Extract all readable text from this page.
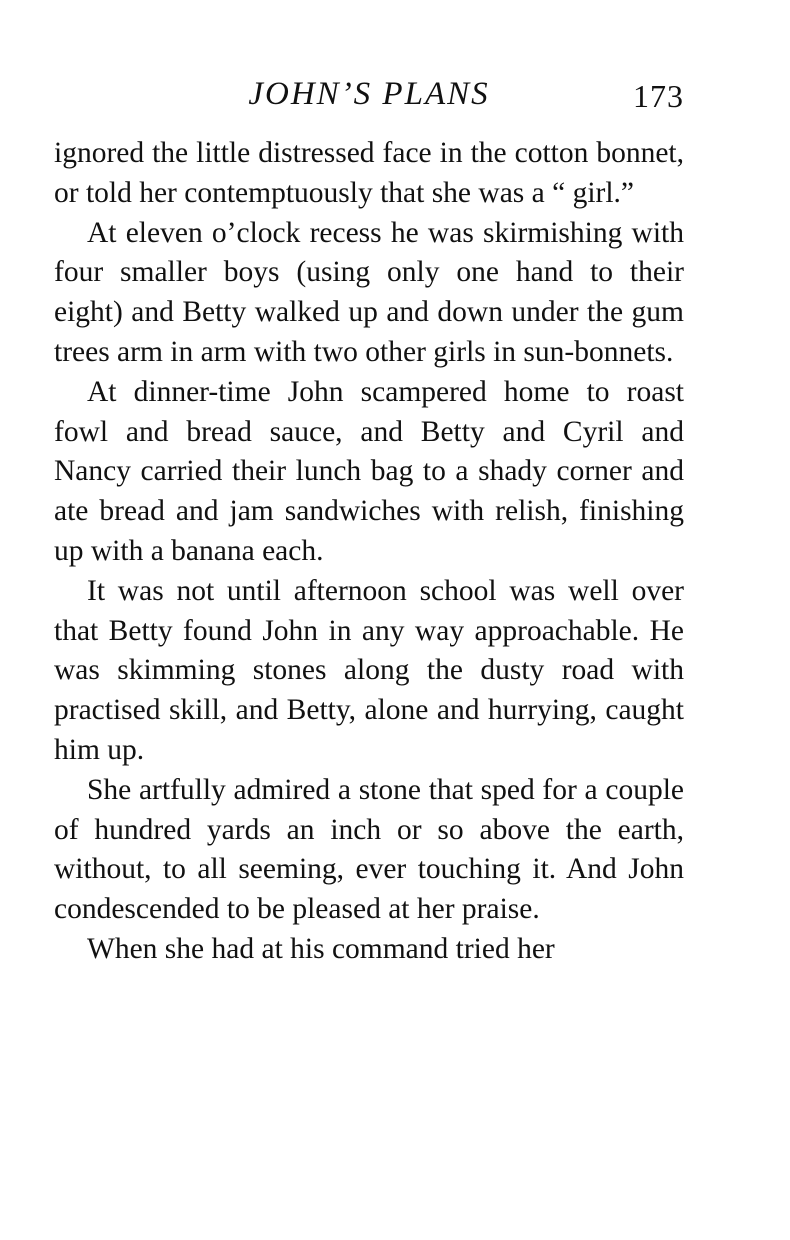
JOHN’S PLANS	173

ignored the little distressed face in the cotton bonnet, or told her contemptuously that she was a “ girl.”

At eleven o’clock recess he was skirmishing with four smaller boys (using only one hand to their eight) and Betty walked up and down under the gum trees arm in arm with two other girls in sun-bonnets.

At dinner-time John scampered home to roast fowl and bread sauce, and Betty and Cyril and Nancy carried their lunch bag to a shady corner and ate bread and jam sandwiches with relish, finishing up with a banana each.

It was not until afternoon school was well over that Betty found John in any way approachable. He was skimming stones along the dusty road with practised skill, and Betty, alone and hurrying, caught him up.

She artfully admired a stone that sped for a couple of hundred yards an inch or so above the earth, without, to all seeming, ever touching it. And John condescended to be pleased at her praise.

When she had at his command tried her
